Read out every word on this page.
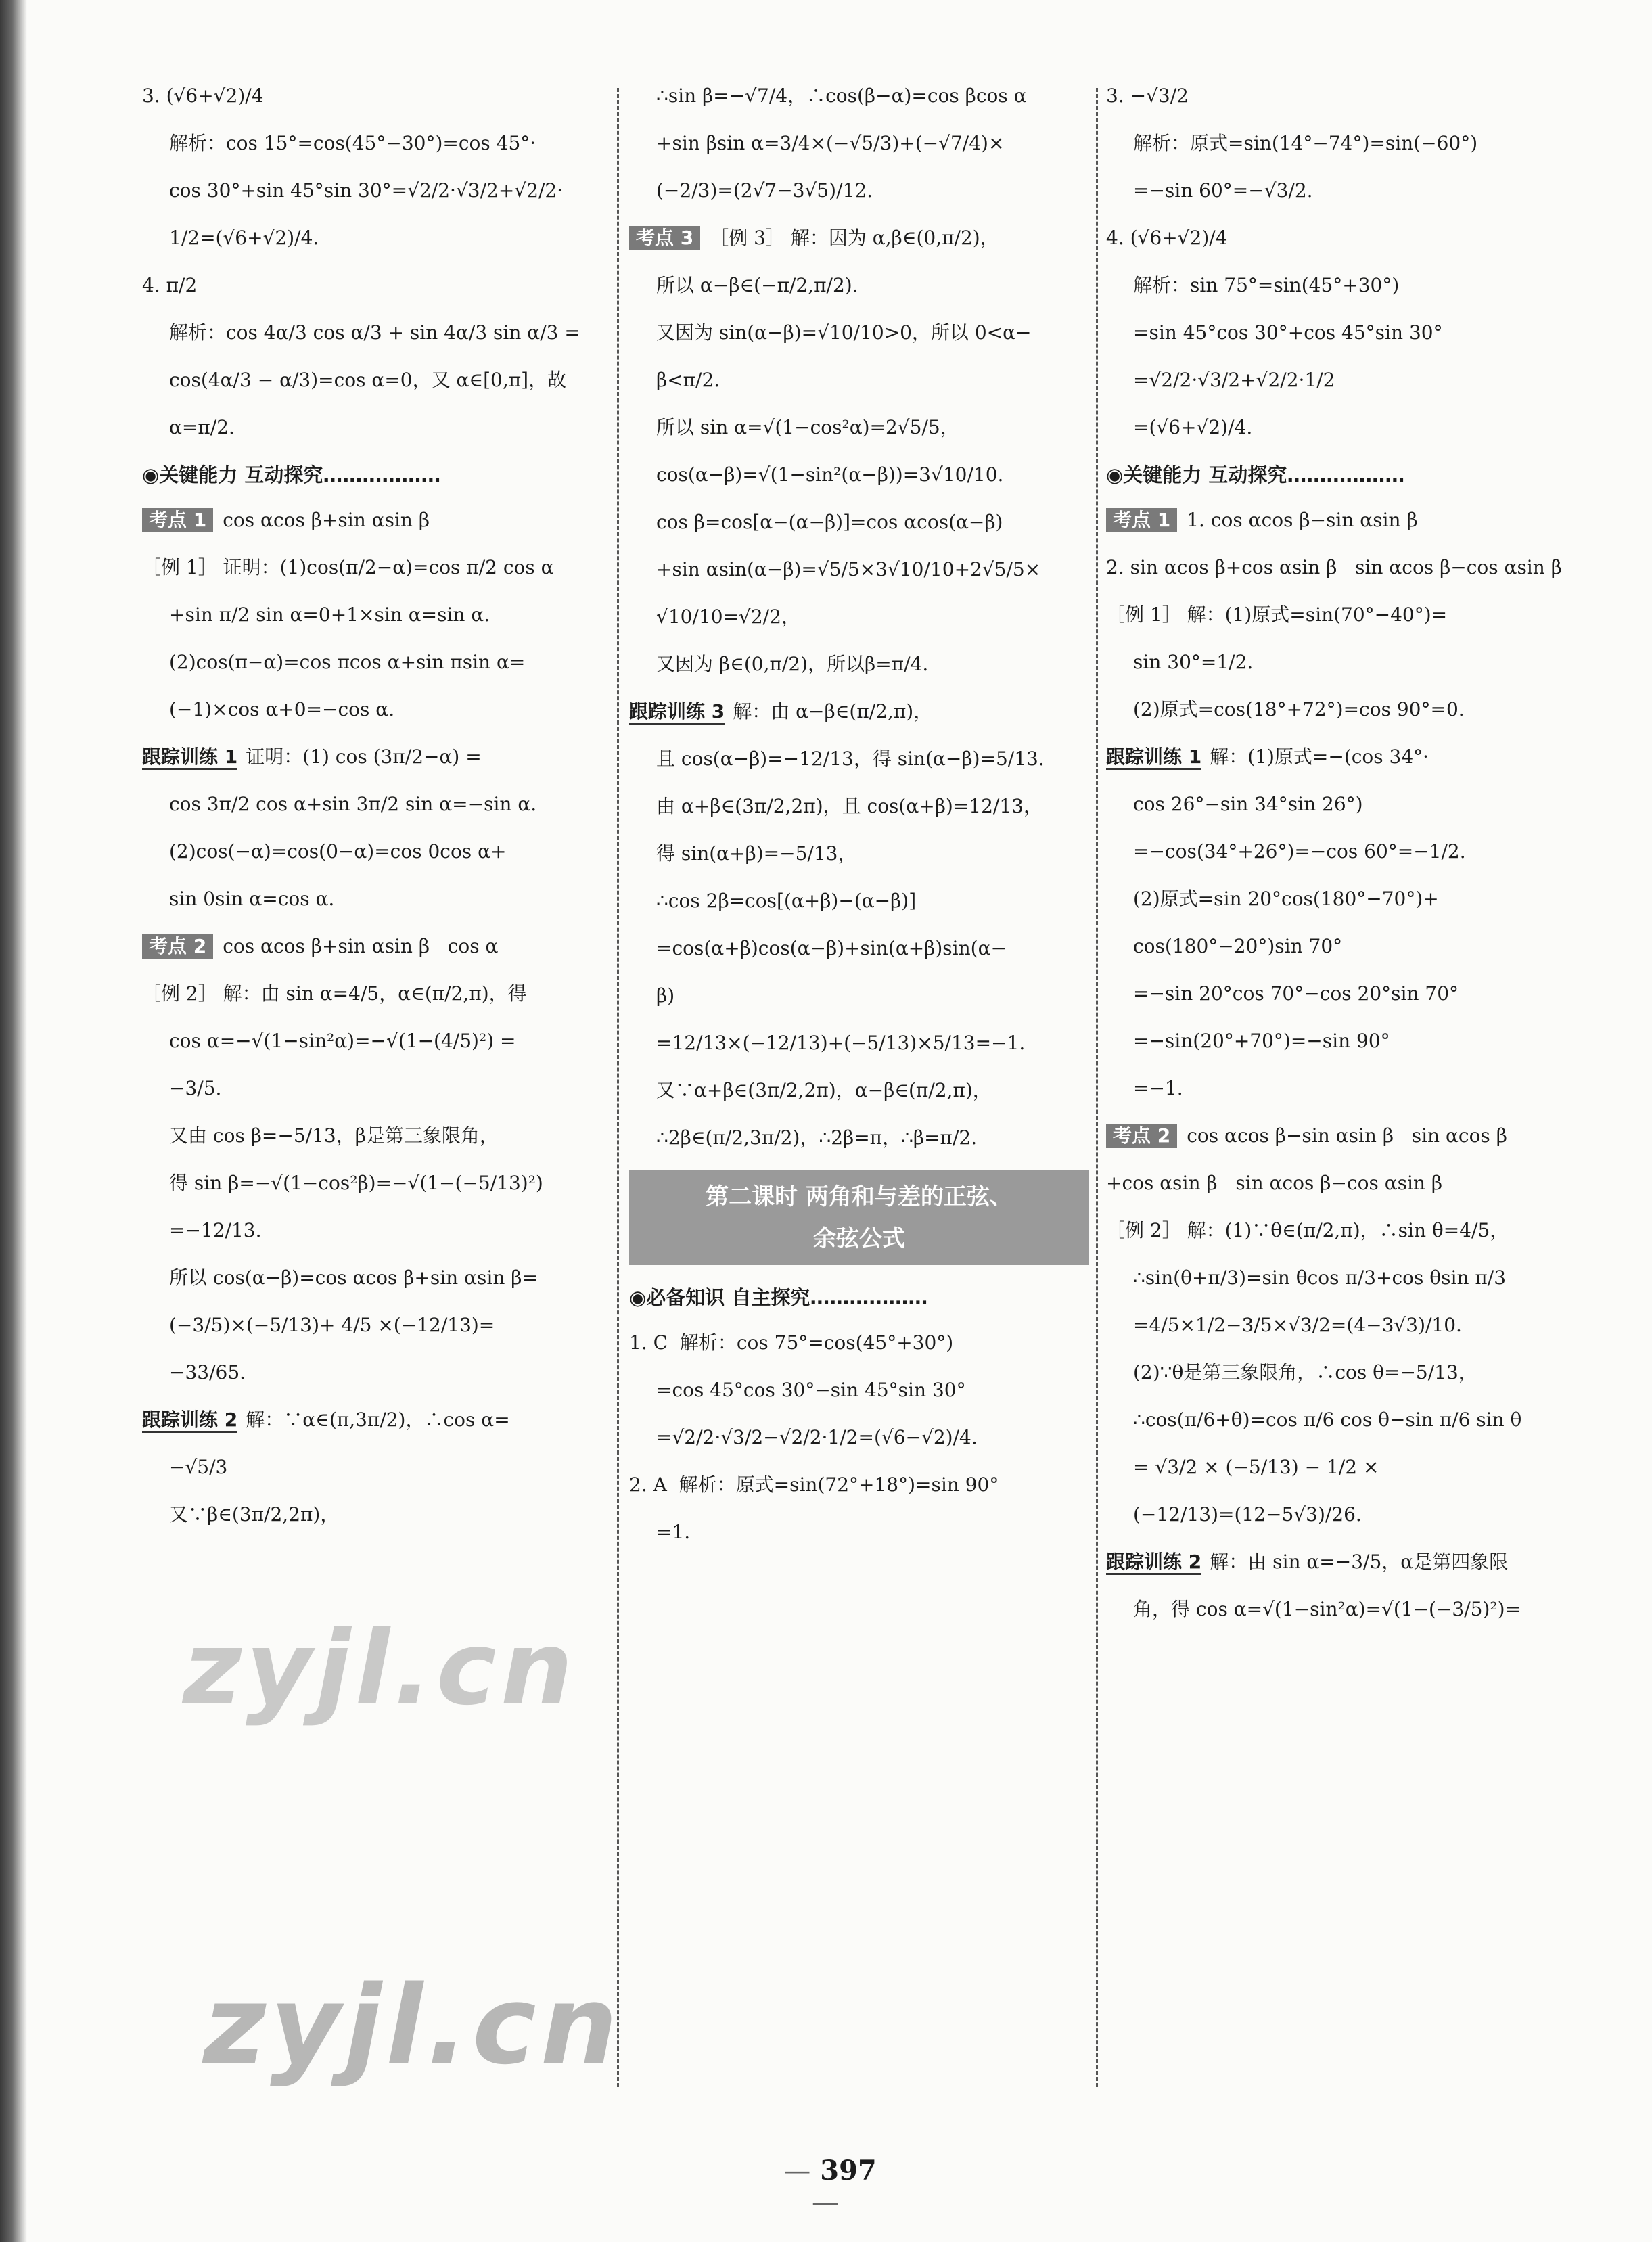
3. (√6+√2)/4
解析：cos 15°=cos(45°−30°)=cos 45°·
cos 30°+sin 45°sin 30°=√2/2·√3/2+√2/2·
1/2=(√6+√2)/4.
4. π/2
解析：cos 4α/3 cos α/3 + sin 4α/3 sin α/3 =
cos(4α/3 − α/3)=cos α=0，又 α∈[0,π]，故
α=π/2.
◉关键能力 互动探究………………
考点 1 cos αcos β+sin αsin β
［例 1］ 证明：(1)cos(π/2−α)=cos π/2 cos α
+sin π/2 sin α=0+1×sin α=sin α.
(2)cos(π−α)=cos πcos α+sin πsin α=
(−1)×cos α+0=−cos α.
跟踪训练 1 证明：(1) cos (3π/2−α) =
cos 3π/2 cos α+sin 3π/2 sin α=−sin α.
(2)cos(−α)=cos(0−α)=cos 0cos α+
sin 0sin α=cos α.
考点 2 cos αcos β+sin αsin β   cos α
［例 2］ 解：由 sin α=4/5，α∈(π/2,π)，得
cos α=−√(1−sin²α)=−√(1−(4/5)²) =
−3/5.
又由 cos β=−5/13，β是第三象限角，
得 sin β=−√(1−cos²β)=−√(1−(−5/13)²)
=−12/13.
所以 cos(α−β)=cos αcos β+sin αsin β=
(−3/5)×(−5/13)+ 4/5 ×(−12/13)=
−33/65.
跟踪训练 2 解：∵α∈(π,3π/2)，∴cos α=
−√5/3
又∵β∈(3π/2,2π)，
∴sin β=−√7/4，∴cos(β−α)=cos βcos α
+sin βsin α=3/4×(−√5/3)+(−√7/4)×
(−2/3)=(2√7−3√5)/12.
考点 3 ［例 3］ 解：因为 α,β∈(0,π/2)，
所以 α−β∈(−π/2,π/2).
又因为 sin(α−β)=√10/10>0，所以 0<α−
β<π/2.
所以 sin α=√(1−cos²α)=2√5/5，
cos(α−β)=√(1−sin²(α−β))=3√10/10.
cos β=cos[α−(α−β)]=cos αcos(α−β)
+sin αsin(α−β)=√5/5×3√10/10+2√5/5×
√10/10=√2/2，
又因为 β∈(0,π/2)，所以β=π/4.
跟踪训练 3 解：由 α−β∈(π/2,π)，
且 cos(α−β)=−12/13，得 sin(α−β)=5/13.
由 α+β∈(3π/2,2π)，且 cos(α+β)=12/13，
得 sin(α+β)=−5/13，
∴cos 2β=cos[(α+β)−(α−β)]
=cos(α+β)cos(α−β)+sin(α+β)sin(α−
β)
=12/13×(−12/13)+(−5/13)×5/13=−1.
又∵α+β∈(3π/2,2π)，α−β∈(π/2,π)，
∴2β∈(π/2,3π/2)，∴2β=π，∴β=π/2.
第二课时 两角和与差的正弦、
余弦公式
◉必备知识 自主探究………………
1. C  解析：cos 75°=cos(45°+30°)
=cos 45°cos 30°−sin 45°sin 30°
=√2/2·√3/2−√2/2·1/2=(√6−√2)/4.
2. A  解析：原式=sin(72°+18°)=sin 90°
=1.
3. −√3/2
解析：原式=sin(14°−74°)=sin(−60°)
=−sin 60°=−√3/2.
4. (√6+√2)/4
解析：sin 75°=sin(45°+30°)
=sin 45°cos 30°+cos 45°sin 30°
=√2/2·√3/2+√2/2·1/2
=(√6+√2)/4.
◉关键能力 互动探究………………
考点 1 1. cos αcos β−sin αsin β
2. sin αcos β+cos αsin β   sin αcos β−cos αsin β
［例 1］ 解：(1)原式=sin(70°−40°)=
sin 30°=1/2.
(2)原式=cos(18°+72°)=cos 90°=0.
跟踪训练 1 解：(1)原式=−(cos 34°·
cos 26°−sin 34°sin 26°)
=−cos(34°+26°)=−cos 60°=−1/2.
(2)原式=sin 20°cos(180°−70°)+
cos(180°−20°)sin 70°
=−sin 20°cos 70°−cos 20°sin 70°
=−sin(20°+70°)=−sin 90°
=−1.
考点 2 cos αcos β−sin αsin β   sin αcos β
+cos αsin β   sin αcos β−cos αsin β
［例 2］ 解：(1)∵θ∈(π/2,π)，∴sin θ=4/5，
∴sin(θ+π/3)=sin θcos π/3+cos θsin π/3
=4/5×1/2−3/5×√3/2=(4−3√3)/10.
(2)∵θ是第三象限角，∴cos θ=−5/13，
∴cos(π/6+θ)=cos π/6 cos θ−sin π/6 sin θ
= √3/2 × (−5/13) − 1/2 ×
(−12/13)=(12−5√3)/26.
跟踪训练 2 解：由 sin α=−3/5，α是第四象限
角，得 cos α=√(1−sin²α)=√(1−(−3/5)²)=
zyjl.cn
zyjl.cn
— 397 —
